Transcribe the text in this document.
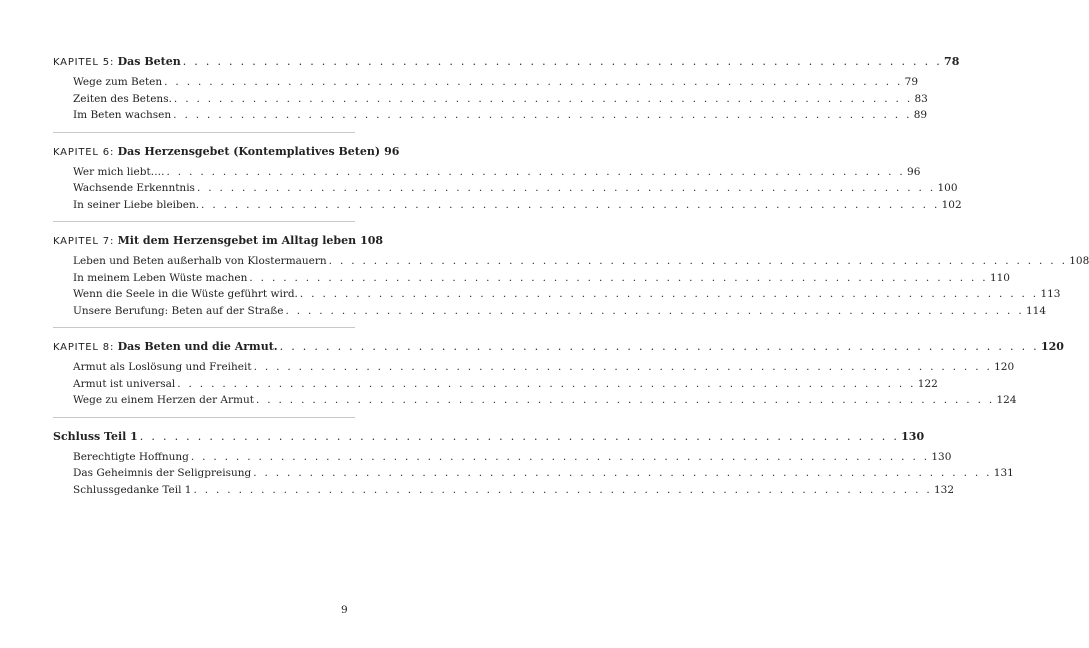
KAPITEL 5: Das Beten . . .	78
Wege zum Beten . . .	79
Zeiten des Betens. . . .	83
Im Beten wachsen . . .	89
KAPITEL 6: Das Herzensgebet (Kontemplatives Beten) 96
Wer mich liebt…. . . .	96
Wachsende Erkenntnis . . .	100
In seiner Liebe bleiben. . . .	102
KAPITEL 7: Mit dem Herzensgebet im Alltag leben 108
Leben und Beten außerhalb von Klostermauern . . .	108
In meinem Leben Wüste machen . . .	110
Wenn die Seele in die Wüste geführt wird. . . .	113
Unsere Berufung: Beten auf der Straße . . .	114
KAPITEL 8: Das Beten und die Armut. . . .	120
Armut als Loslösung und Freiheit . . .	120
Armut ist universal . . .	122
Wege zu einem Herzen der Armut . . .	124
Schluss Teil 1 . . .	130
Berechtigte Hoffnung . . .	130
Das Geheimnis der Seligpreisung . . .	131
Schlussgedanke Teil 1 . . .	132
9
